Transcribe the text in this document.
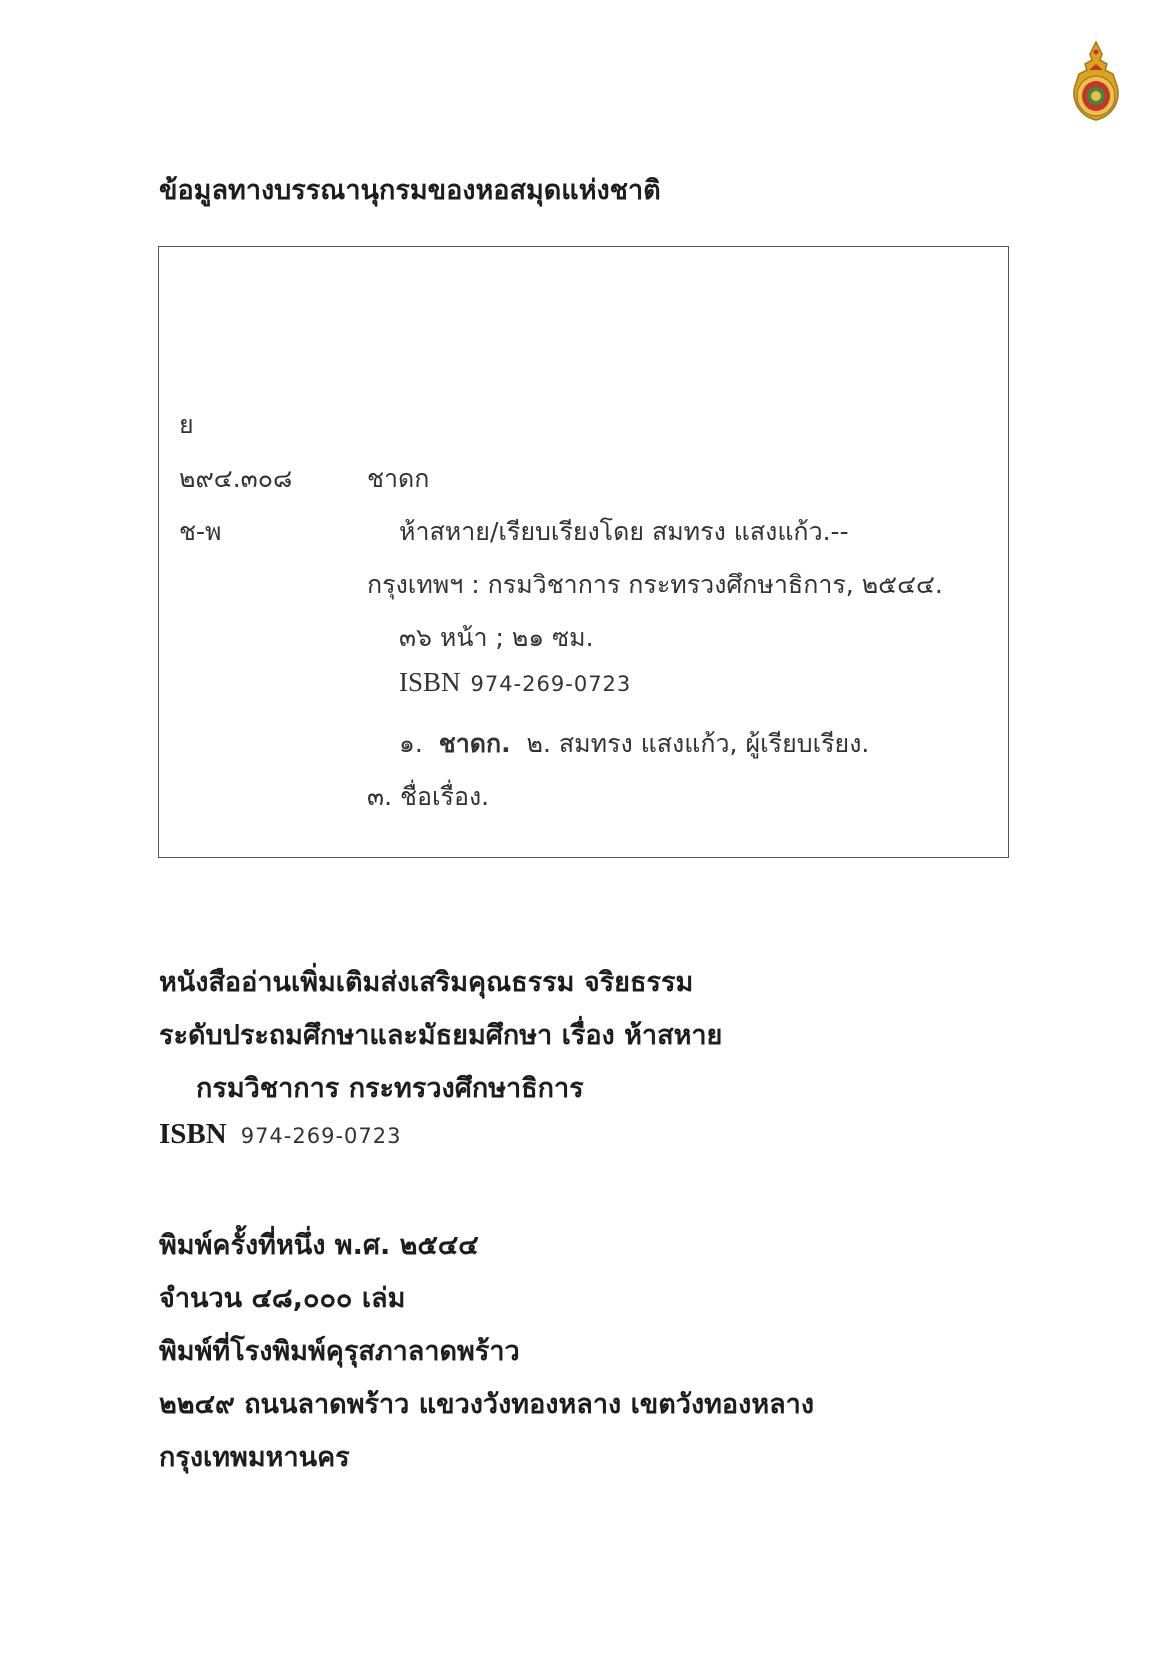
ข้อมูลทางบรรณานุกรมของหอสมุดแห่งชาติ
ย
๒๙๔.๓๐๘	ชาดก
ช-พ	ห้าสหาย/เรียบเรียงโดย สมทรง แสงแก้ว.--
กรุงเทพฯ : กรมวิชาการ กระทรวงศึกษาธิการ, ๒๕๔๔.
๓๖ หน้า ; ๒๑ ซม.
ISBN 974-269-0723
๑. ชาดก. ๒. สมทรง แสงแก้ว, ผู้เรียบเรียง.
๓. ชื่อเรื่อง.
หนังสืออ่านเพิ่มเติมส่งเสริมคุณธรรม จริยธรรม
ระดับประถมศึกษาและมัธยมศึกษา เรื่อง ห้าสหาย
กรมวิชาการ กระทรวงศึกษาธิการ
ISBN 974-269-0723
พิมพ์ครั้งที่หนึ่ง พ.ศ. ๒๕๔๔
จำนวน ๔๘,๐๐๐ เล่ม
พิมพ์ที่โรงพิมพ์คุรุสภาลาดพร้าว
๒๒๔๙ ถนนลาดพร้าว แขวงวังทองหลาง เขตวังทองหลาง
กรุงเทพมหานคร
